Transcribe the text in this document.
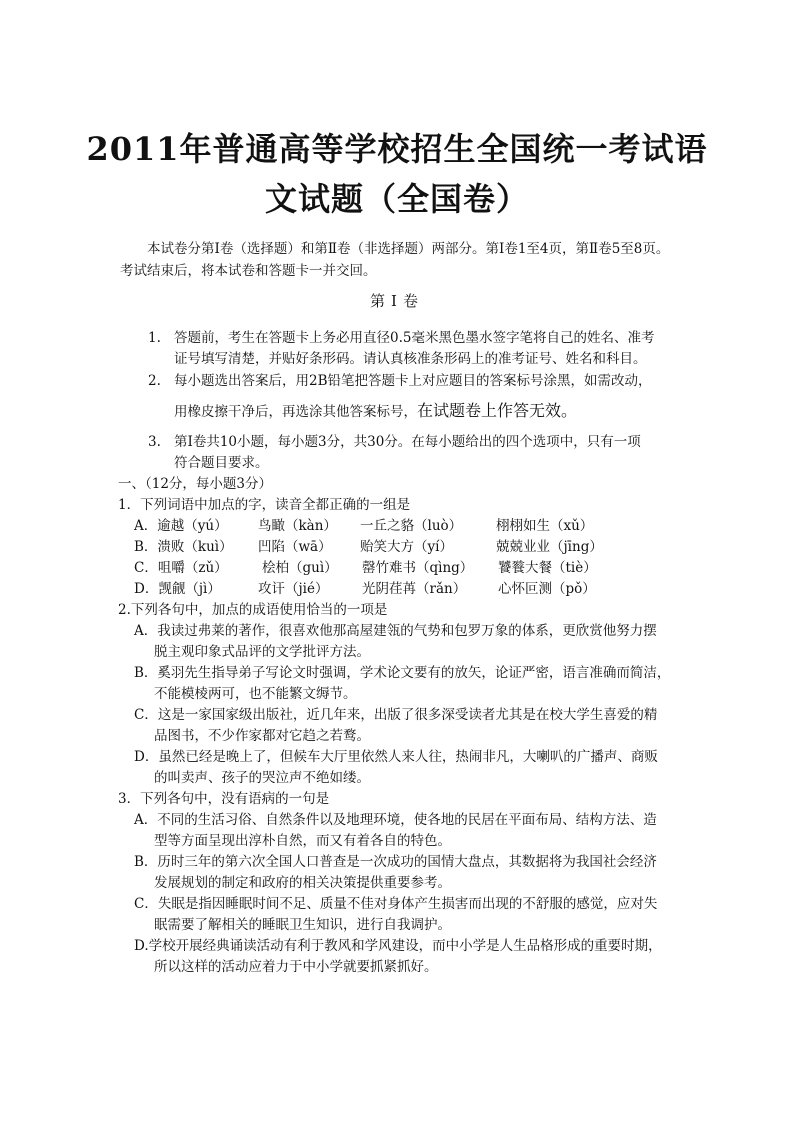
2011年普通高等学校招生全国统一考试语
文试题（全国卷）
本试卷分第Ⅰ卷（选择题）和第Ⅱ卷（非选择题）两部分。第Ⅰ卷1至4页，第Ⅱ卷5至8页。考试结束后，将本试卷和答题卡一并交回。
第Ⅰ卷
1. 答题前，考生在答题卡上务必用直径0.5毫米黑色墨水签字笔将自己的姓名、准考
证号填写清楚，并贴好条形码。请认真核准条形码上的准考证号、姓名和科目。
2. 每小题选出答案后，用2B铅笔把答题卡上对应题目的答案标号涂黑，如需改动，
用橡皮擦干净后，再选涂其他答案标号，在试题卷上作答无效。
3. 第Ⅰ卷共10小题，每小题3分，共30分。在每小题给出的四个选项中，只有一项
符合题目要求。
一、（12分，每小题3分）
1．下列词语中加点的字，读音全都正确的一组是
A．逾越（yú） 鸟瞰（kàn） 一丘之貉（luò）	栩栩如生（xǔ）
B．溃败（kuì） 凹陷（wā） 贻笑大方（yí）	兢兢业业（jīng）
C．咀嚼（zǔ）	桧柏（guì） 罄竹难书（qìng） 饕餮大餐（tiè）
D．觊觎（jì）	攻讦（jié） 光阴荏苒（rǎn） 心怀叵测（pǒ）
2.下列各句中，加点的成语使用恰当的一项是
A．我读过弗莱的著作，很喜欢他那高屋建瓴的气势和包罗万象的体系，更欣赏他努力摆
脱主观印象式品评的文学批评方法。
B．奚羽先生指导弟子写论文时强调，学术论文要有的放矢，论证严密，语言准确而简洁，
不能模棱两可，也不能繁文缛节。
C．这是一家国家级出版社，近几年来，出版了很多深受读者尤其是在校大学生喜爱的精
品图书，不少作家都对它趋之若鹜。
D．虽然已经是晚上了，但候车大厅里依然人来人往，热闹非凡，大喇叭的广播声、商贩
的叫卖声、孩子的哭泣声不绝如缕。
3．下列各句中，没有语病的一句是
A．不同的生活习俗、自然条件以及地理环境，使各地的民居在平面布局、结构方法、造
型等方面呈现出淳朴自然，而又有着各自的特色。
B．历时三年的第六次全国人口普查是一次成功的国情大盘点，其数据将为我国社会经济
发展规划的制定和政府的相关决策提供重要参考。
C．失眠是指因睡眠时间不足、质量不佳对身体产生损害而出现的不舒服的感觉，应对失
眠需要了解相关的睡眠卫生知识，进行自我调护。
D.学校开展经典诵读活动有利于教风和学风建设，而中小学是人生品格形成的重要时期，
所以这样的活动应着力于中小学就要抓紧抓好。
